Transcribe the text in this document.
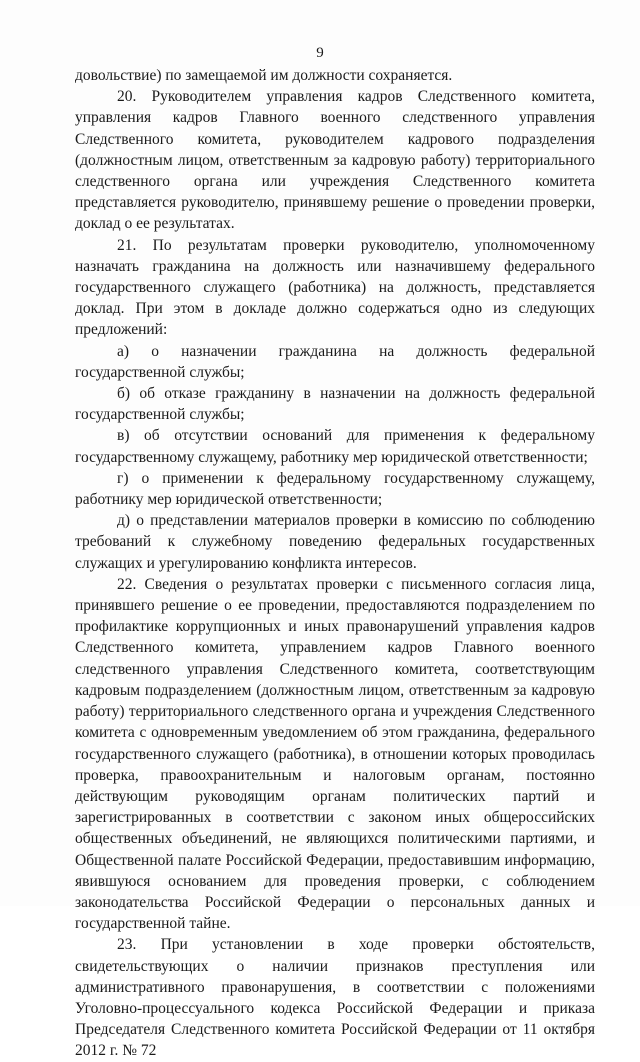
9

довольствие) по замещаемой им должности сохраняется.

20. Руководителем управления кадров Следственного комитета, управления кадров Главного военного следственного управления Следственного комитета, руководителем кадрового подразделения (должностным лицом, ответственным за кадровую работу) территориального следственного органа или учреждения Следственного комитета представляется руководителю, принявшему решение о проведении проверки, доклад о ее результатах.

21. По результатам проверки руководителю, уполномоченному назначать гражданина на должность или назначившему федерального государственного служащего (работника) на должность, представляется доклад. При этом в докладе должно содержаться одно из следующих предложений:

а) о назначении гражданина на должность федеральной государственной службы;

б) об отказе гражданину в назначении на должность федеральной государственной службы;

в) об отсутствии оснований для применения к федеральному государственному служащему, работнику мер юридической ответственности;

г) о применении к федеральному государственному служащему, работнику мер юридической ответственности;

д) о представлении материалов проверки в комиссию по соблюдению требований к служебному поведению федеральных государственных служащих и урегулированию конфликта интересов.

22. Сведения о результатах проверки с письменного согласия лица, принявшего решение о ее проведении, предоставляются подразделением по профилактике коррупционных и иных правонарушений управления кадров Следственного комитета, управлением кадров Главного военного следственного управления Следственного комитета, соответствующим кадровым подразделением (должностным лицом, ответственным за кадровую работу) территориального следственного органа и учреждения Следственного комитета с одновременным уведомлением об этом гражданина, федерального государственного служащего (работника), в отношении которых проводилась проверка, правоохранительным и налоговым органам, постоянно действующим руководящим органам политических партий и зарегистрированных в соответствии с законом иных общероссийских общественных объединений, не являющихся политическими партиями, и Общественной палате Российской Федерации, предоставившим информацию, явившуюся основанием для проведения проверки, с соблюдением законодательства Российской Федерации о персональных данных и государственной тайне.

23. При установлении в ходе проверки обстоятельств, свидетельствующих о наличии признаков преступления или административного правонарушения, в соответствии с положениями Уголовно-процессуального кодекса Российской Федерации и приказа Председателя Следственного комитета Российской Федерации от 11 октября 2012 г. № 72
